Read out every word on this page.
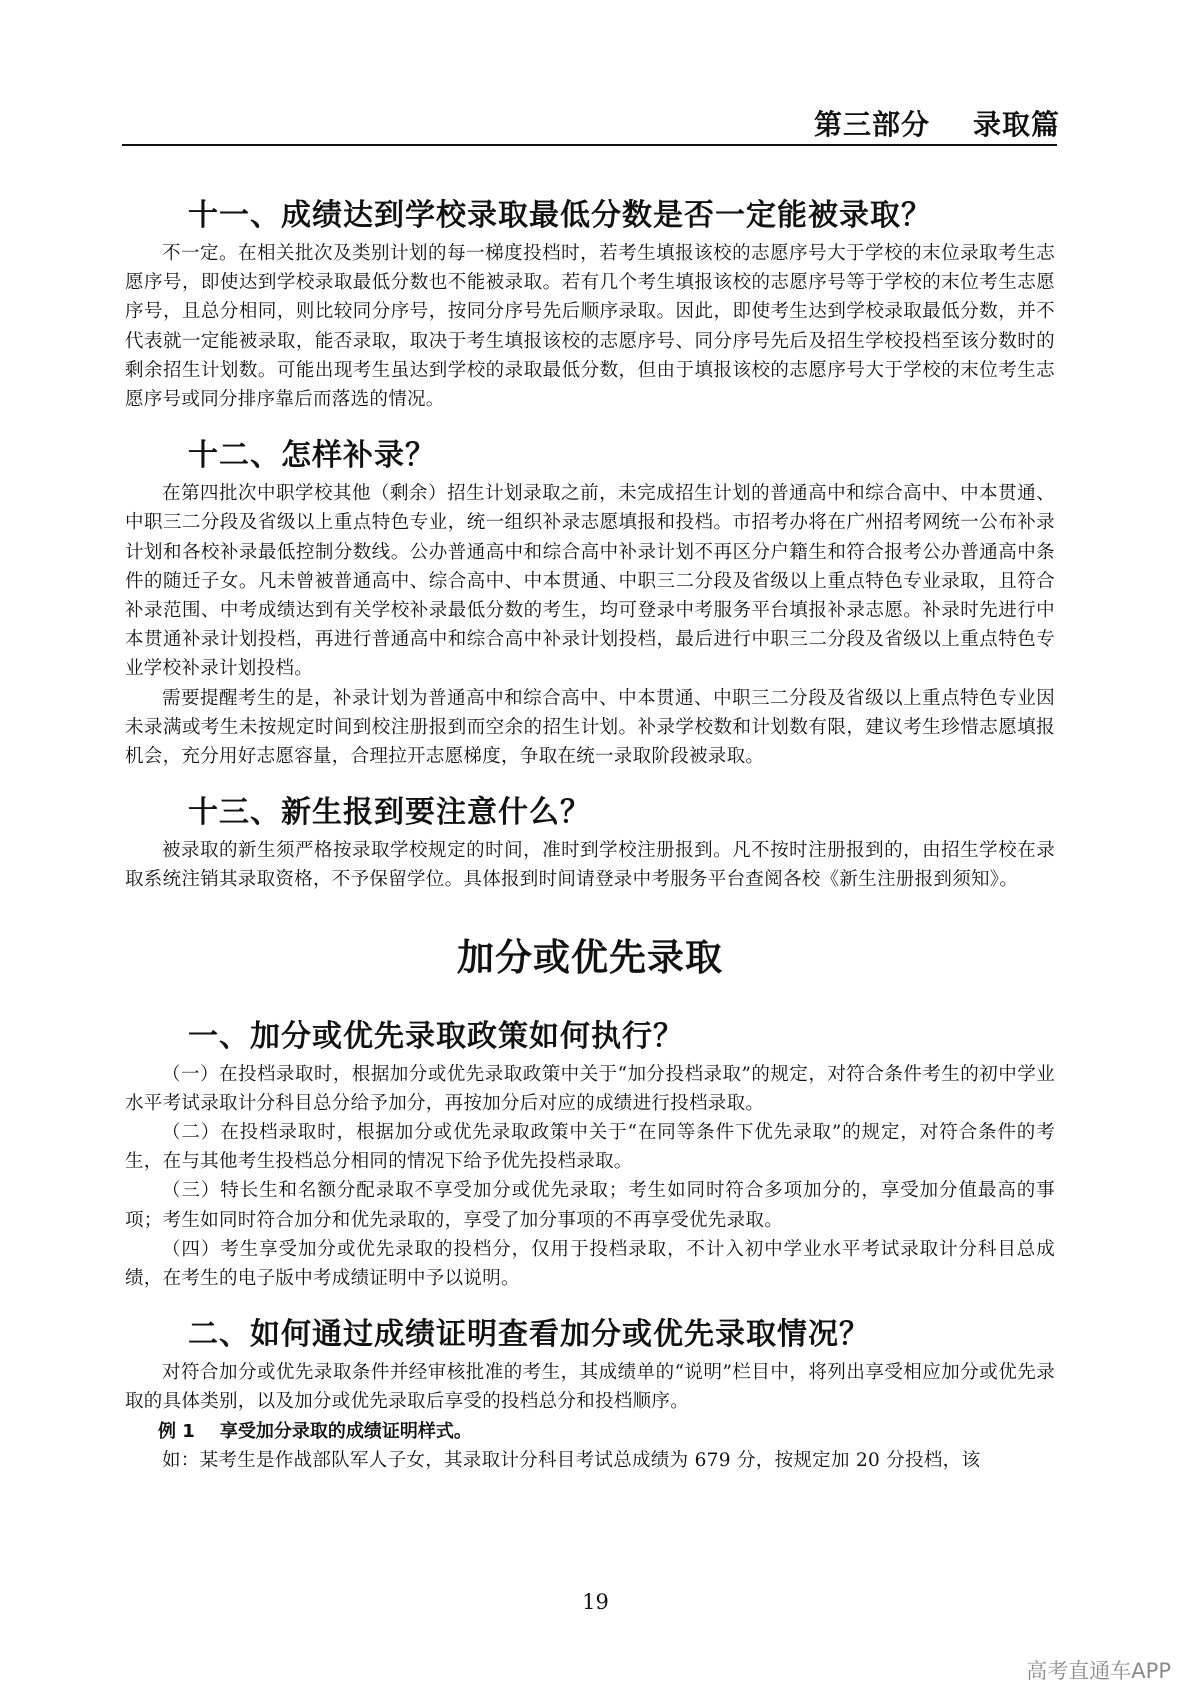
第三部分    录取篇
十一、成绩达到学校录取最低分数是否一定能被录取？

不一定。在相关批次及类别计划的每一梯度投档时，若考生填报该校的志愿序号大于学校的末位录取考生志愿序号，即使达到学校录取最低分数也不能被录取。若有几个考生填报该校的志愿序号等于学校的末位考生志愿序号，且总分相同，则比较同分序号，按同分序号先后顺序录取。因此，即使考生达到学校录取最低分数，并不代表就一定能被录取，能否录取，取决于考生填报该校的志愿序号、同分序号先后及招生学校投档至该分数时的剩余招生计划数。可能出现考生虽达到学校的录取最低分数，但由于填报该校的志愿序号大于学校的末位考生志愿序号或同分排序靠后而落选的情况。

十二、怎样补录？

在第四批次中职学校其他（剩余）招生计划录取之前，未完成招生计划的普通高中和综合高中、中本贯通、中职三二分段及省级以上重点特色专业，统一组织补录志愿填报和投档。市招考办将在广州招考网统一公布补录计划和各校补录最低控制分数线。公办普通高中和综合高中补录计划不再区分户籍生和符合报考公办普通高中条件的随迁子女。凡未曾被普通高中、综合高中、中本贯通、中职三二分段及省级以上重点特色专业录取，且符合补录范围、中考成绩达到有关学校补录最低分数的考生，均可登录中考服务平台填报补录志愿。补录时先进行中本贯通补录计划投档，再进行普通高中和综合高中补录计划投档，最后进行中职三二分段及省级以上重点特色专业学校补录计划投档。

需要提醒考生的是，补录计划为普通高中和综合高中、中本贯通、中职三二分段及省级以上重点特色专业因未录满或考生未按规定时间到校注册报到而空余的招生计划。补录学校数和计划数有限，建议考生珍惜志愿填报机会，充分用好志愿容量，合理拉开志愿梯度，争取在统一录取阶段被录取。

十三、新生报到要注意什么？

被录取的新生须严格按录取学校规定的时间，准时到学校注册报到。凡不按时注册报到的，由招生学校在录取系统注销其录取资格，不予保留学位。具体报到时间请登录中考服务平台查阅各校《新生注册报到须知》。

加分或优先录取
一、加分或优先录取政策如何执行？

（一）在投档录取时，根据加分或优先录取政策中关于“加分投档录取”的规定，对符合条件考生的初中学业水平考试录取计分科目总分给予加分，再按加分后对应的成绩进行投档录取。

（二）在投档录取时，根据加分或优先录取政策中关于“在同等条件下优先录取”的规定，对符合条件的考生，在与其他考生投档总分相同的情况下给予优先投档录取。

（三）特长生和名额分配录取不享受加分或优先录取；考生如同时符合多项加分的，享受加分值最高的事项；考生如同时符合加分和优先录取的，享受了加分事项的不再享受优先录取。

（四）考生享受加分或优先录取的投档分，仅用于投档录取，不计入初中学业水平考试录取计分科目总成绩，在考生的电子版中考成绩证明中予以说明。

二、如何通过成绩证明查看加分或优先录取情况？

对符合加分或优先录取条件并经审核批准的考生，其成绩单的“说明”栏目中，将列出享受相应加分或优先录取的具体类别，以及加分或优先录取后享受的投档总分和投档顺序。

例 1    享受加分录取的成绩证明样式。

如：某考生是作战部队军人子女，其录取计分科目考试总成绩为 679 分，按规定加 20 分投档，该

19
高考直通车APP
